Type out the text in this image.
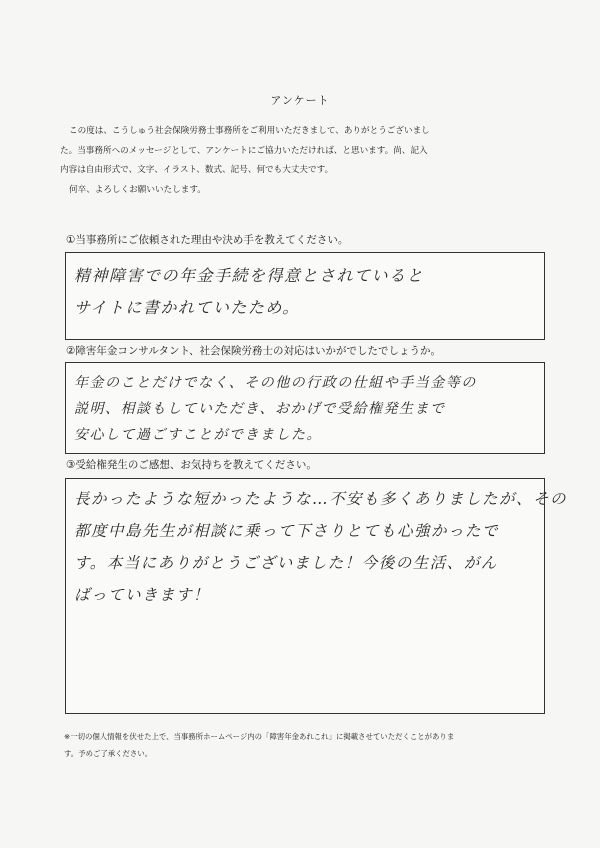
アンケート
この度は、こうしゅう社会保険労務士事務所をご利用いただきまして、ありがとうございまし
た。当事務所へのメッセージとして、アンケートにご協力いただければ、と思います。尚、記入
内容は自由形式で、文字、イラスト、数式、記号、何でも大丈夫です。
何卒、よろしくお願いいたします。
①当事務所にご依頼された理由や決め手を教えてください。
精神障害での年金手続を得意とされていると
サイトに書かれていたため。
②障害年金コンサルタント、社会保険労務士の対応はいかがでしたでしょうか。
年金のことだけでなく、その他の行政の仕組や手当金等の
説明、相談もしていただき、おかげで受給権発生まで
安心して過ごすことができました。
③受給権発生のご感想、お気持ちを教えてください。
長かったような短かったような…不安も多くありましたが、その
都度中島先生が相談に乗って下さりとても心強かったで
す。本当にありがとうございました！今後の生活、がん
ばっていきます！
※一切の個人情報を伏せた上で、当事務所ホームページ内の「障害年金あれこれ」に掲載させていただくことがありま
す。予めご了承ください。
